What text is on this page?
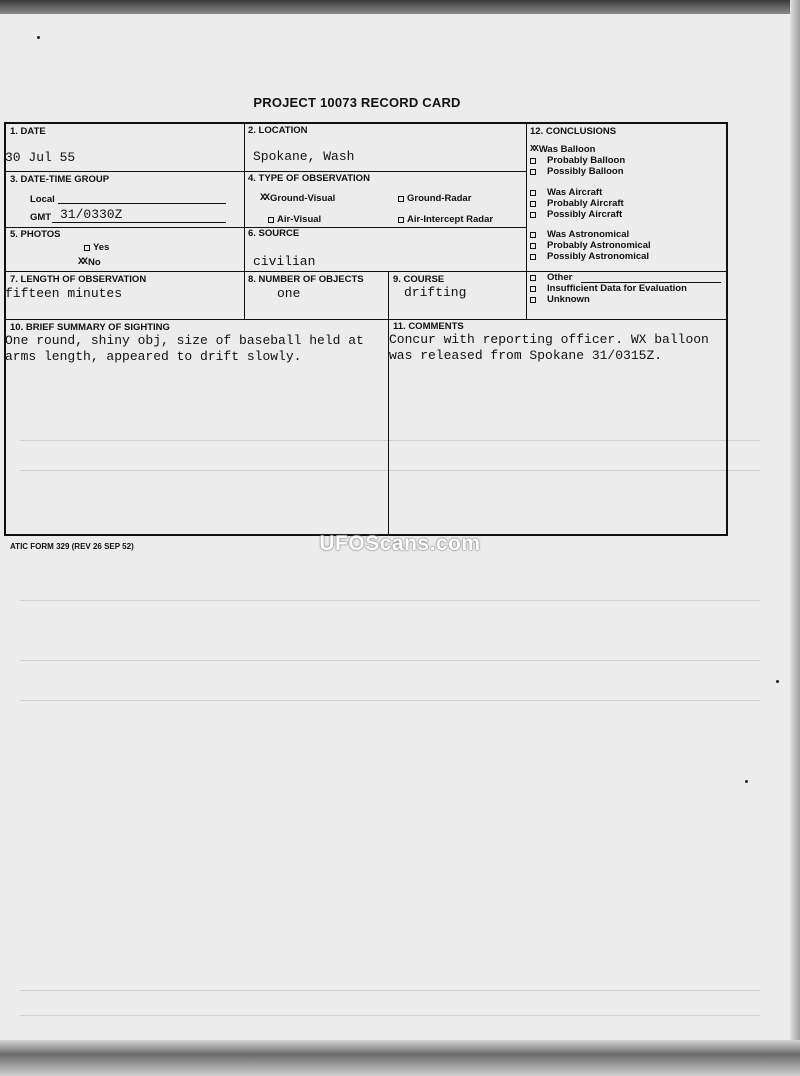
PROJECT 10073 RECORD CARD
1. DATE
30 Jul 55
2. LOCATION
Spokane, Wash
3. DATE-TIME GROUP
Local
GMT 31/0330Z
4. TYPE OF OBSERVATION
XX Ground-Visual	Ground-Radar
Air-Visual	Air-Intercept Radar
5. PHOTOS
Yes
XX No
6. SOURCE
civilian
7. LENGTH OF OBSERVATION
fifteen minutes
8. NUMBER OF OBJECTS
one
9. COURSE
drifting
10. BRIEF SUMMARY OF SIGHTING
One round, shiny obj, size of baseball held at
arms length, appeared to drift slowly.
11. COMMENTS
Concur with reporting officer. WX balloon
was released from Spokane 31/0315Z.
12. CONCLUSIONS
XX Was Balloon
Probably Balloon
Possibly Balloon
Was Aircraft
Probably Aircraft
Possibly Aircraft
Was Astronomical
Probably Astronomical
Possibly Astronomical
Other
Insufficient Data for Evaluation
Unknown
ATIC FORM 329 (REV 26 SEP 52)	UFOScans.com
